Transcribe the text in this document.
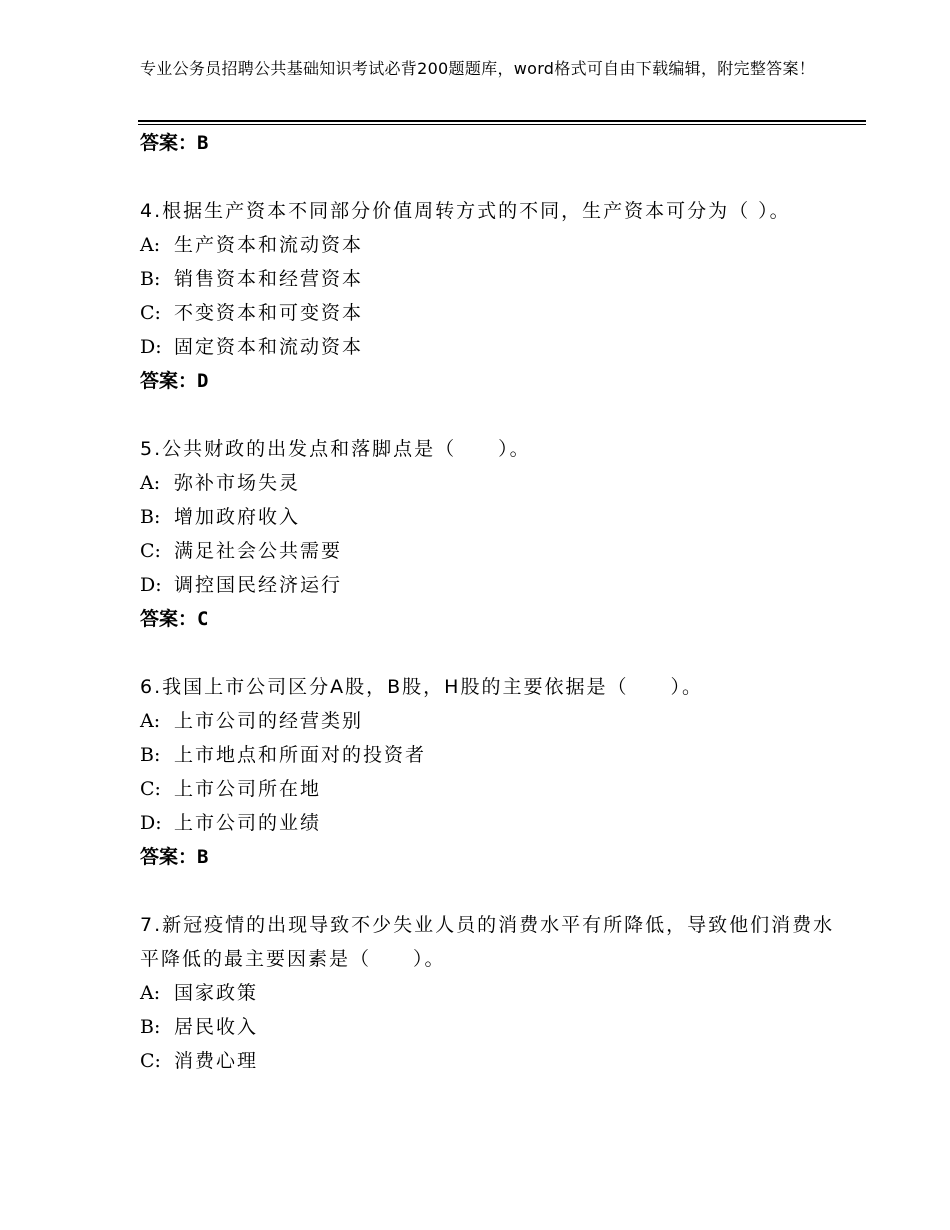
专业公务员招聘公共基础知识考试必背200题题库，word格式可自由下载编辑，附完整答案！
答案：B
4.根据生产资本不同部分价值周转方式的不同，生产资本可分为（ ）。
A: 生产资本和流动资本
B: 销售资本和经营资本
C: 不变资本和可变资本
D: 固定资本和流动资本
答案：D
5.公共财政的出发点和落脚点是（　　）。
A: 弥补市场失灵
B: 增加政府收入
C: 满足社会公共需要
D: 调控国民经济运行
答案：C
6.我国上市公司区分A股，B股，H股的主要依据是（　　）。
A: 上市公司的经营类别
B: 上市地点和所面对的投资者
C: 上市公司所在地
D: 上市公司的业绩
答案：B
7.新冠疫情的出现导致不少失业人员的消费水平有所降低，导致他们消费水平降低的最主要因素是（　　）。
A: 国家政策
B: 居民收入
C: 消费心理
